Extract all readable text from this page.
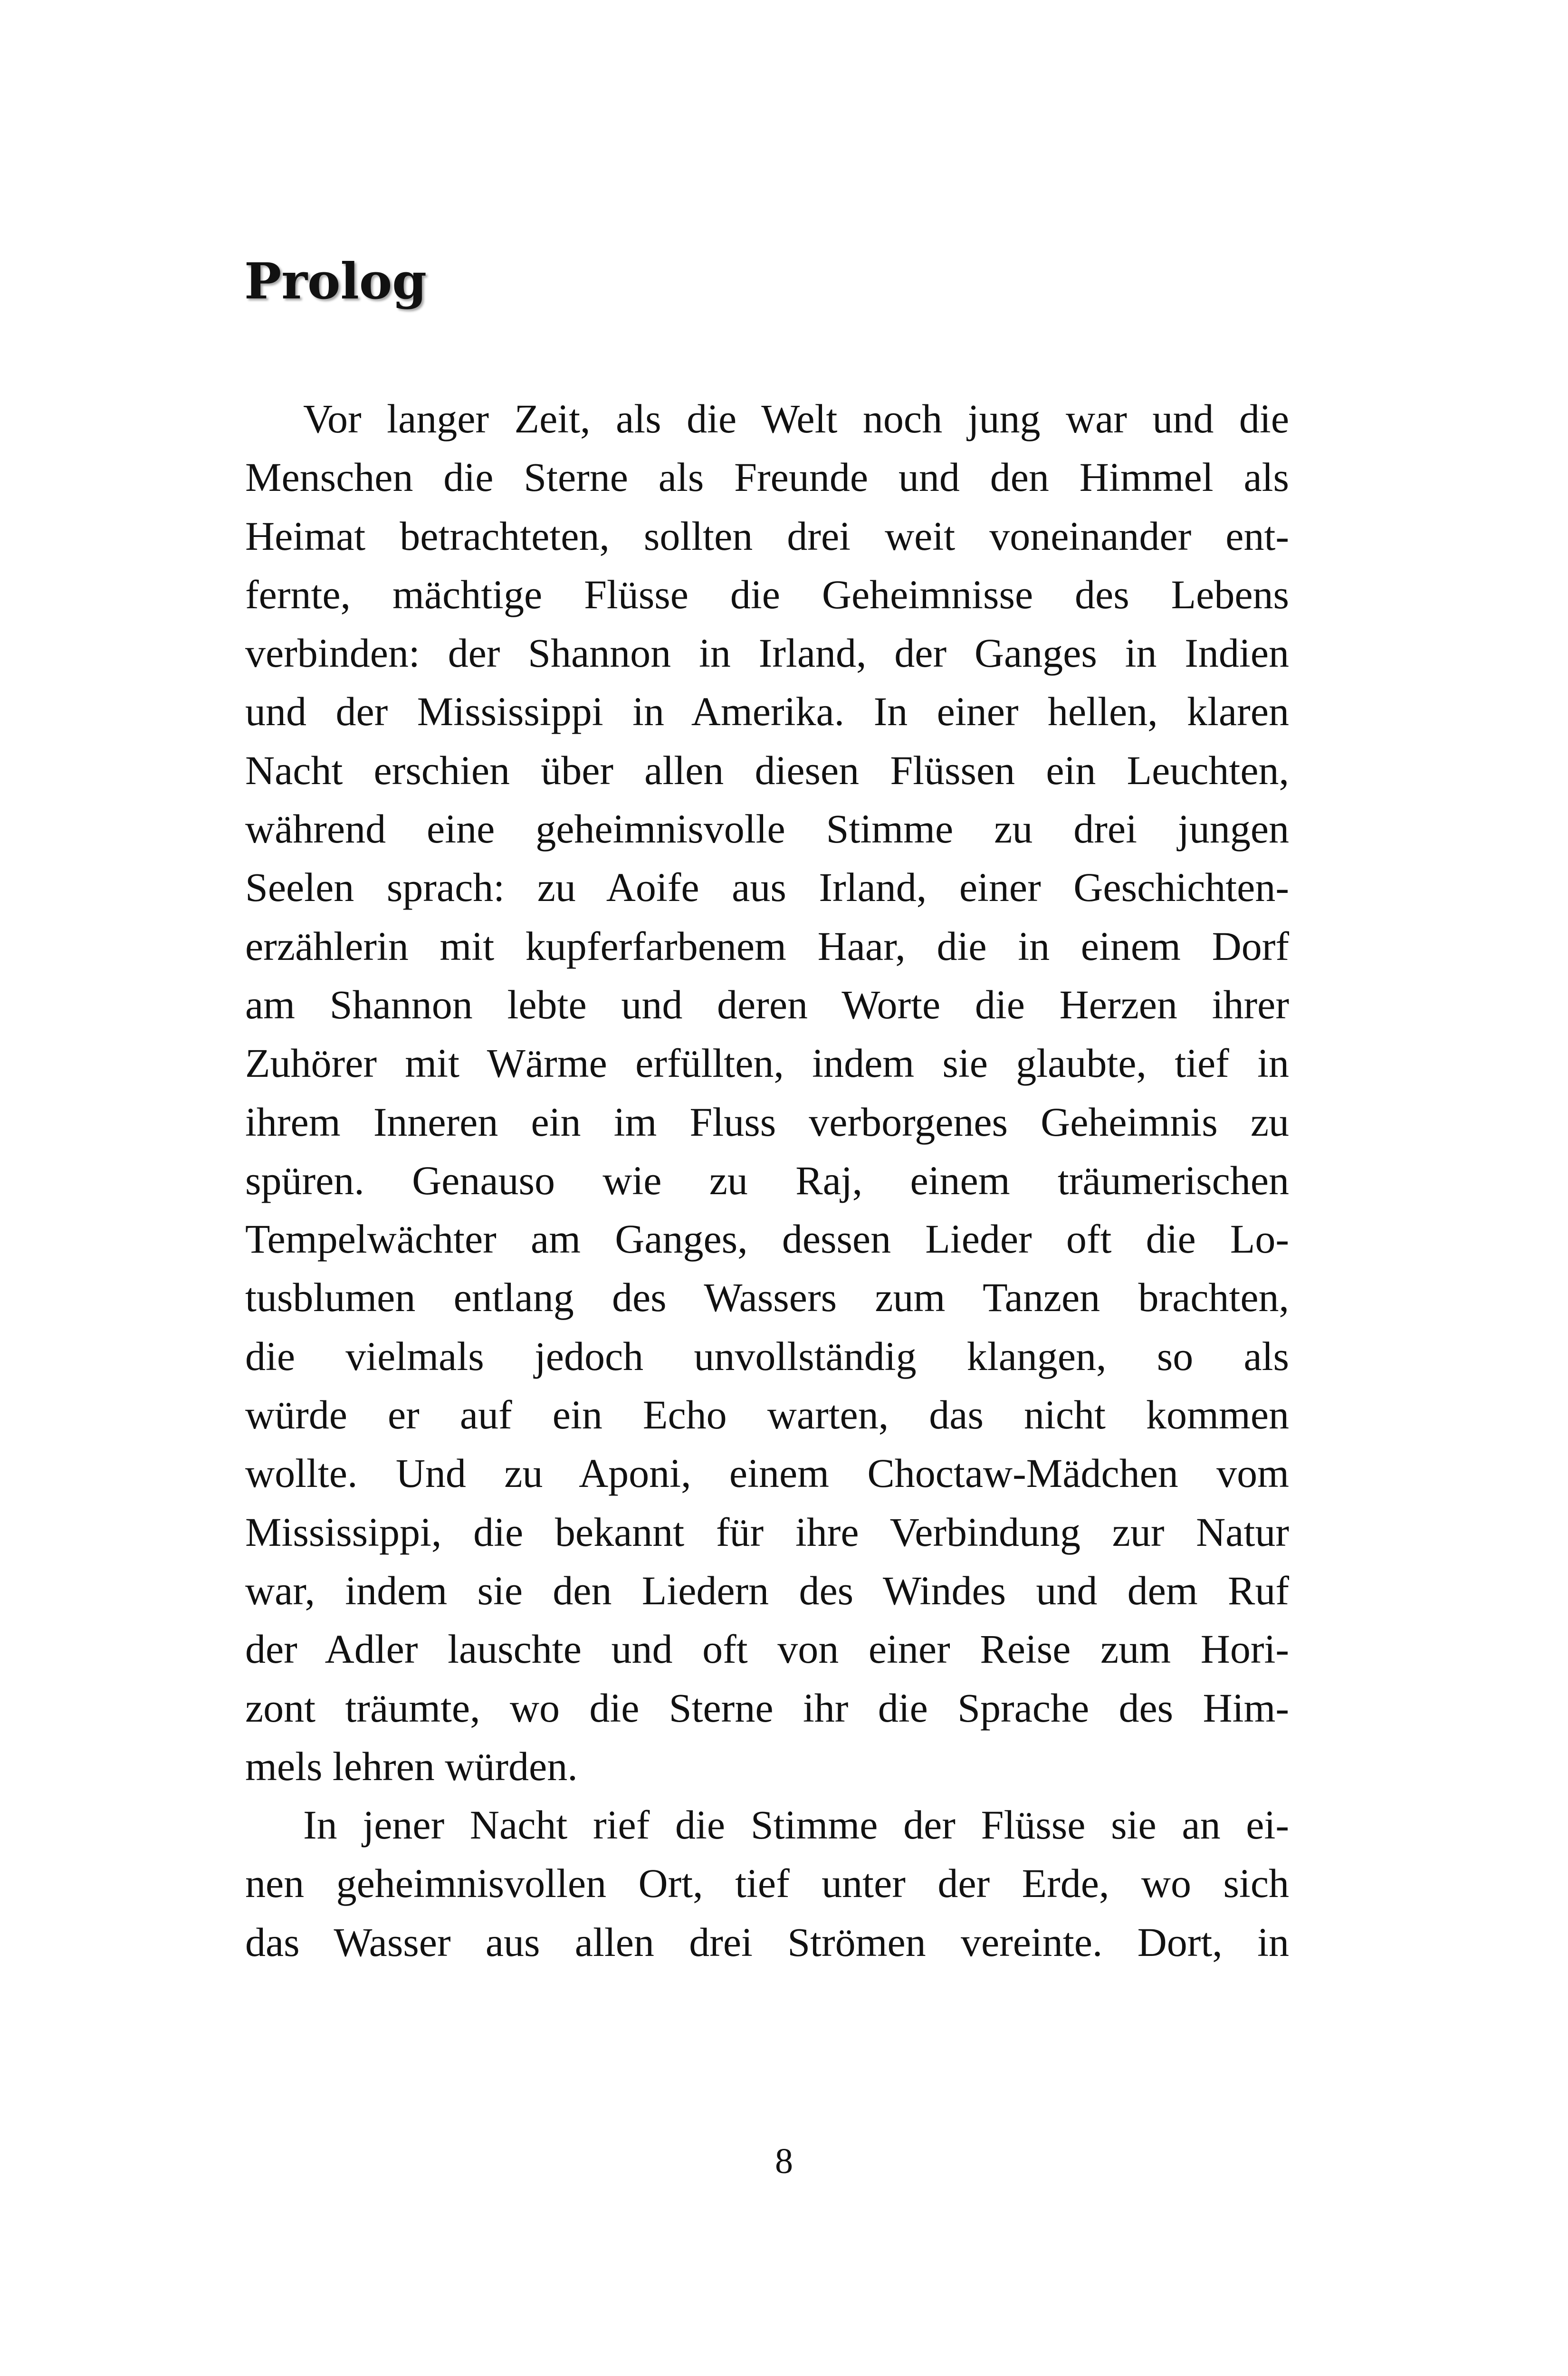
Prolog
Vor langer Zeit, als die Welt noch jung war und die
Menschen die Sterne als Freunde und den Himmel als
Heimat betrachteten, sollten drei weit voneinander ent-
fernte, mächtige Flüsse die Geheimnisse des Lebens
verbinden: der Shannon in Irland, der Ganges in Indien
und der Mississippi in Amerika. In einer hellen, klaren
Nacht erschien über allen diesen Flüssen ein Leuchten,
während eine geheimnisvolle Stimme zu drei jungen
Seelen sprach: zu Aoife aus Irland, einer Geschichten-
erzählerin mit kupferfarbenem Haar, die in einem Dorf
am Shannon lebte und deren Worte die Herzen ihrer
Zuhörer mit Wärme erfüllten, indem sie glaubte, tief in
ihrem Inneren ein im Fluss verborgenes Geheimnis zu
spüren. Genauso wie zu Raj, einem träumerischen
Tempelwächter am Ganges, dessen Lieder oft die Lo-
tusblumen entlang des Wassers zum Tanzen brachten,
die vielmals jedoch unvollständig klangen, so als
würde er auf ein Echo warten, das nicht kommen
wollte. Und zu Aponi, einem Choctaw-Mädchen vom
Mississippi, die bekannt für ihre Verbindung zur Natur
war, indem sie den Liedern des Windes und dem Ruf
der Adler lauschte und oft von einer Reise zum Hori-
zont träumte, wo die Sterne ihr die Sprache des Him-
mels lehren würden.
In jener Nacht rief die Stimme der Flüsse sie an ei-
nen geheimnisvollen Ort, tief unter der Erde, wo sich
das Wasser aus allen drei Strömen vereinte. Dort, in
8
